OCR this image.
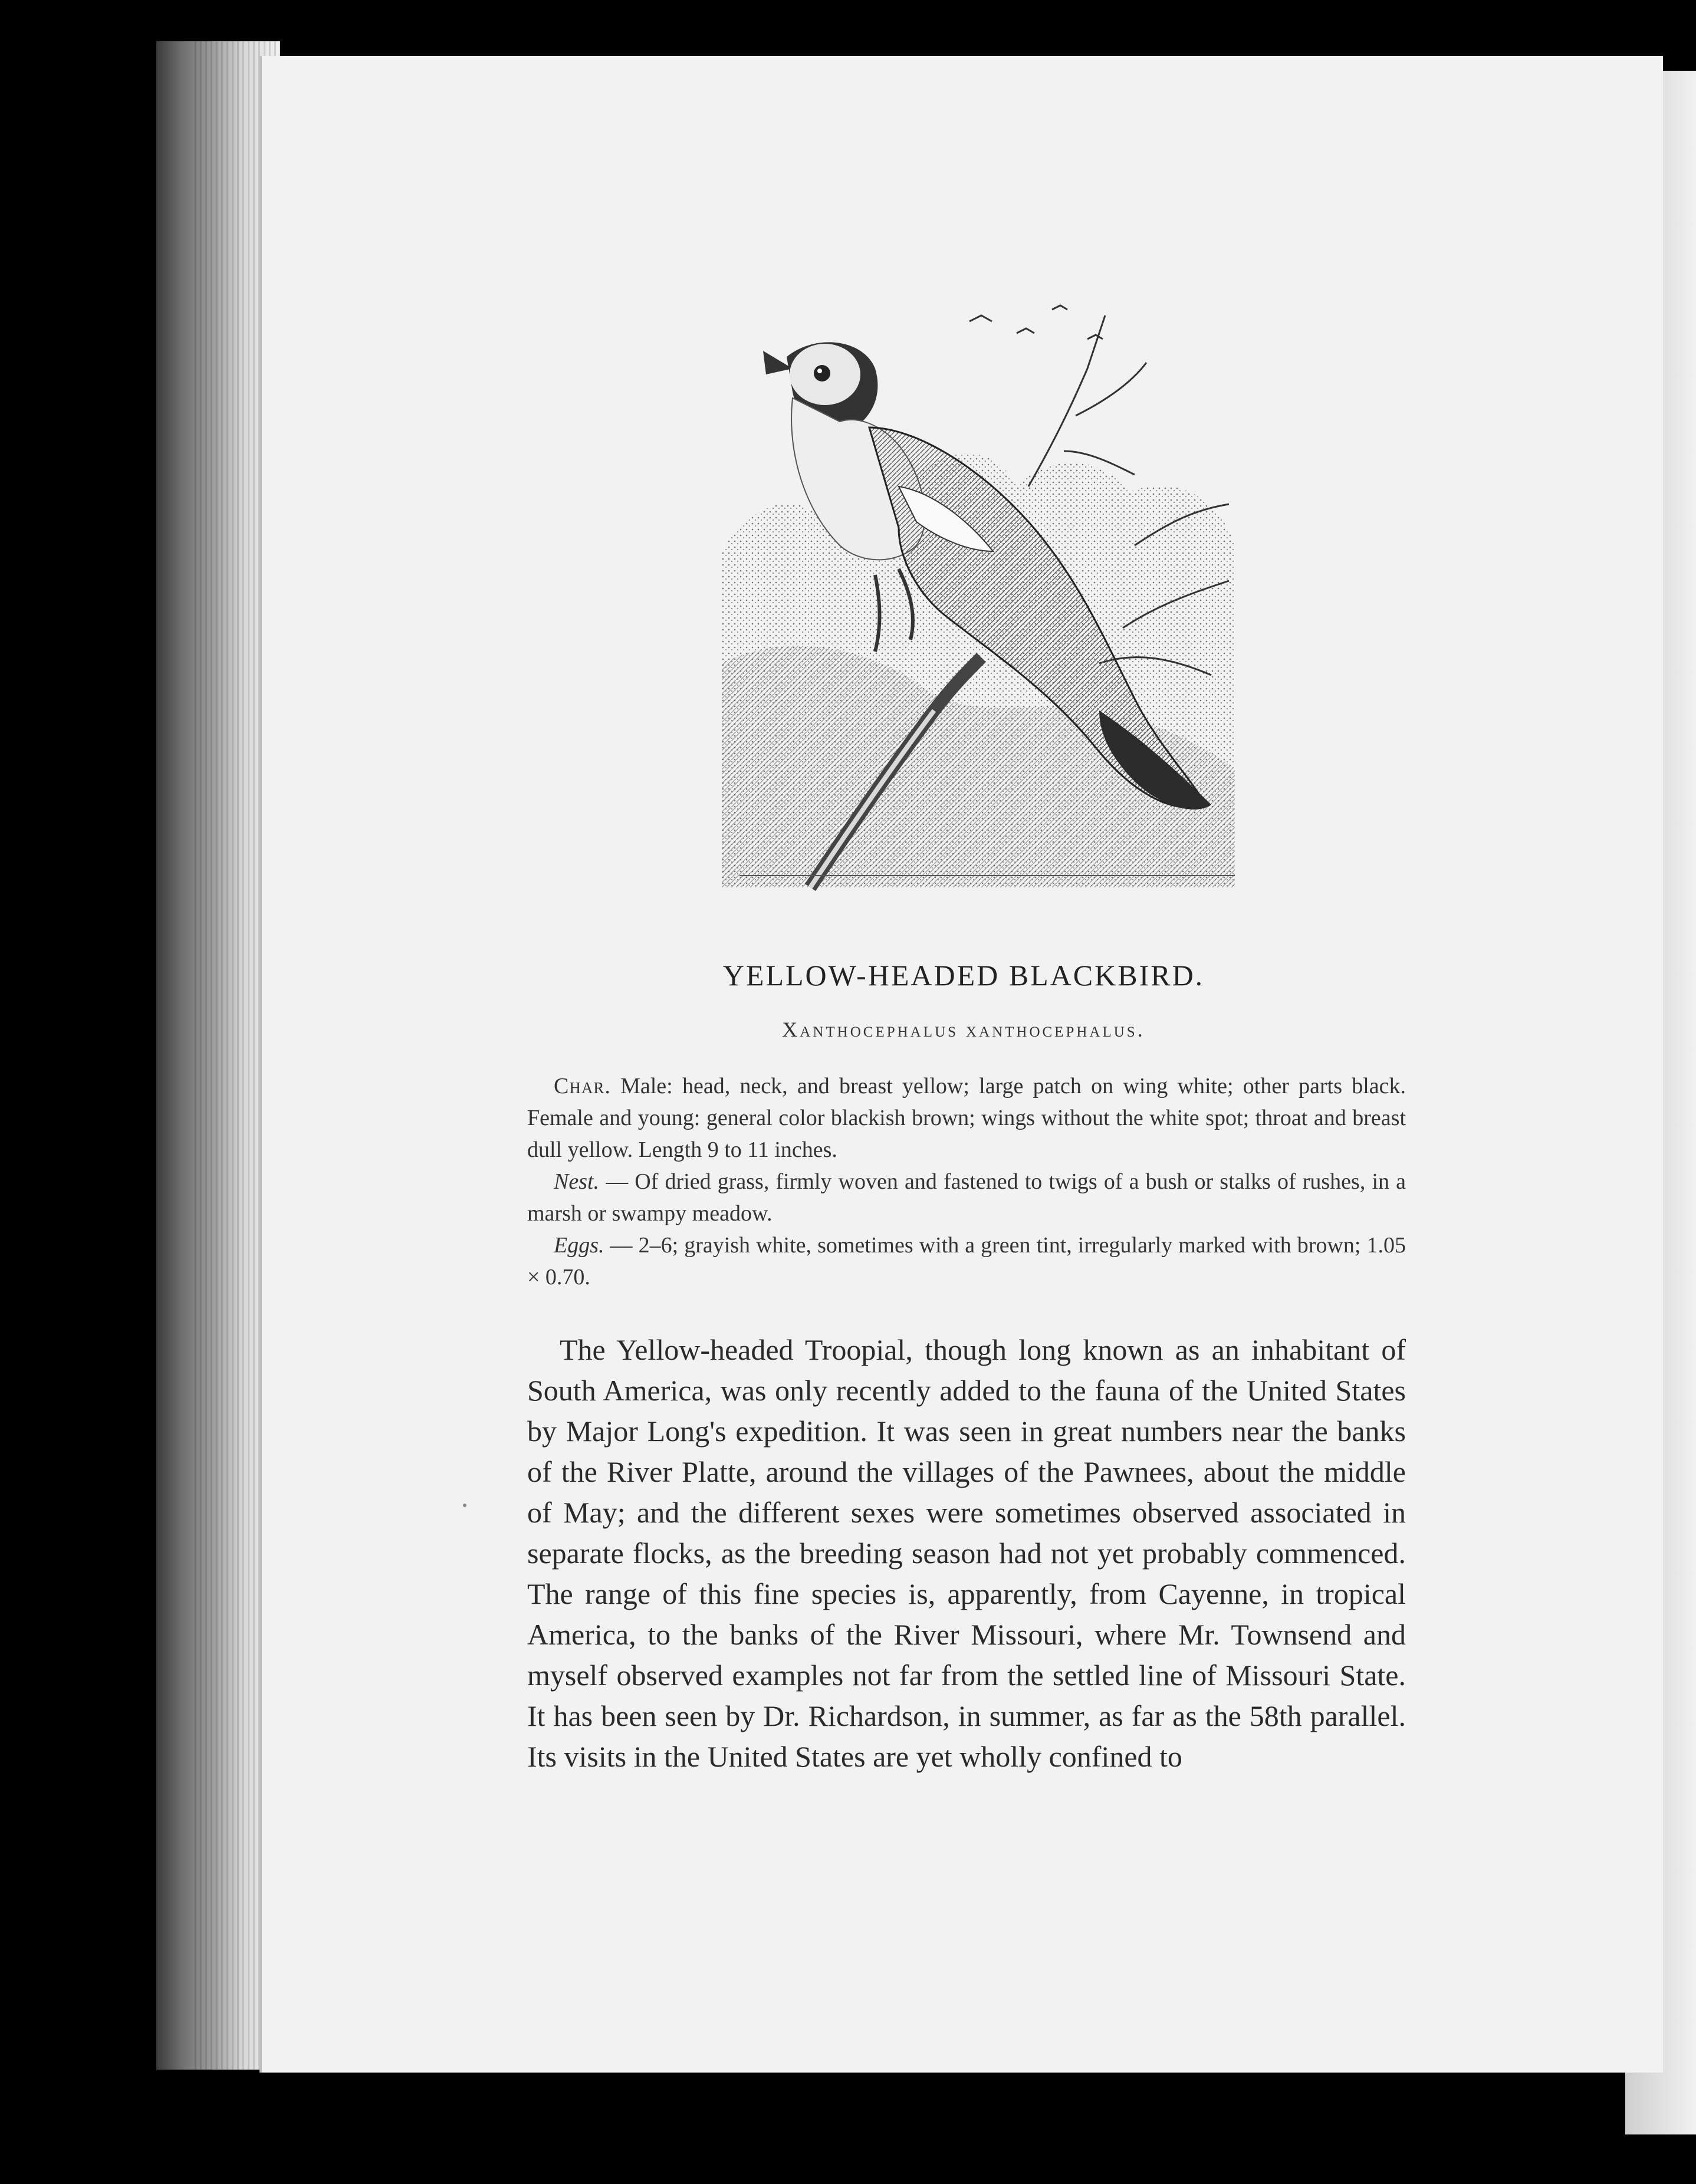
YELLOW-HEADED BLACKBIRD.
Xanthocephalus xanthocephalus.

Char. Male: head, neck, and breast yellow; large patch on wing white; other parts black. Female and young: general color blackish brown; wings without the white spot; throat and breast dull yellow. Length 9 to 11 inches.

Nest. — Of dried grass, firmly woven and fastened to twigs of a bush or stalks of rushes, in a marsh or swampy meadow.

Eggs. — 2–6; grayish white, sometimes with a green tint, irregularly marked with brown; 1.05 × 0.70.

The Yellow-headed Troopial, though long known as an inhabitant of South America, was only recently added to the fauna of the United States by Major Long's expedition. It was seen in great numbers near the banks of the River Platte, around the villages of the Pawnees, about the middle of May; and the different sexes were sometimes observed associated in separate flocks, as the breeding season had not yet probably commenced. The range of this fine species is, apparently, from Cayenne, in tropical America, to the banks of the River Missouri, where Mr. Townsend and myself observed examples not far from the settled line of Missouri State. It has been seen by Dr. Richardson, in summer, as far as the 58th parallel. Its visits in the United States are yet wholly confined to
